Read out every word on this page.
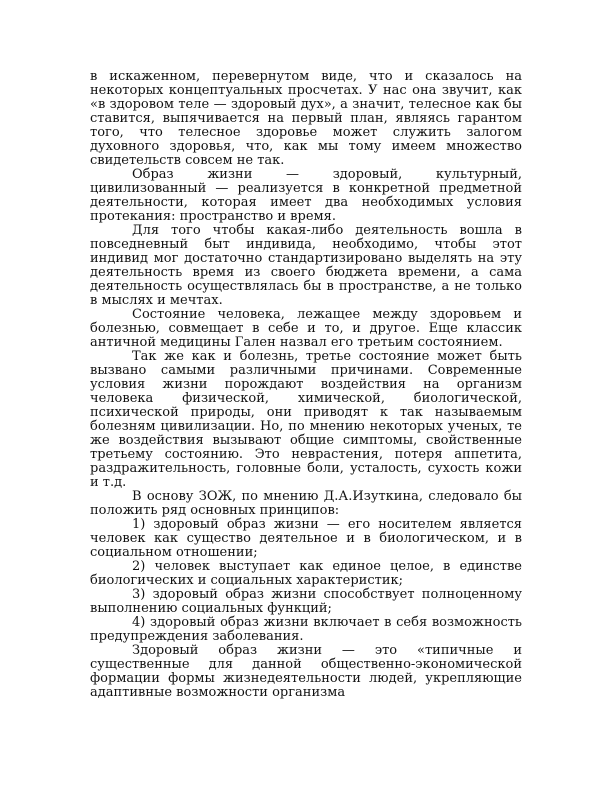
в искаженном, перевернутом виде, что и сказалось на некоторых концептуальных просчетах. У нас она звучит, как «в здоровом теле — здоровый дух», а значит, телесное как бы ставится, выпячивается на первый план, являясь гарантом того, что телесное здоровье может служить залогом духовного здоровья, что, как мы тому имеем множество свидетельств совсем не так.

Образ жизни — здоровый, культурный, цивилизованный — реализуется в конкретной предметной деятельности, которая имеет два необходимых условия протекания: пространство и время.

Для того чтобы какая-либо деятельность вошла в повседневный быт индивида, необходимо, чтобы этот индивид мог достаточно стандартизировано выделять на эту деятельность время из своего бюджета времени, а сама деятельность осуществлялась бы в пространстве, а не только в мыслях и мечтах.

Состояние человека, лежащее между здоровьем и болезнью, совмещает в себе и то, и другое. Еще классик античной медицины Гален назвал его третьим состоянием.

Так же как и болезнь, третье состояние может быть вызвано самыми различными причинами. Современные условия жизни порождают воздействия на организм человека физической, химической, биологической, психической природы, они приводят к так называемым болезням цивилизации. Но, по мнению некоторых ученых, те же воздействия вызывают общие симптомы, свойственные третьему состоянию. Это неврастения, потеря аппетита, раздражительность, головные боли, усталость, сухость кожи и т.д.

В основу ЗОЖ, по мнению Д.А.Изуткина, следовало бы положить ряд основных принципов:

1) здоровый образ жизни — его носителем является человек как существо деятельное и в биологическом, и в социальном отношении;

2) человек выступает как единое целое, в единстве биологических и социальных характеристик;

3) здоровый образ жизни способствует полноценному выполнению социальных функций;

4) здоровый образ жизни включает в себя возможность предупреждения заболевания.

Здоровый образ жизни — это «типичные и существенные для данной общественно-экономической формации формы жизнедеятельности людей, укрепляющие адаптивные возможности организма
